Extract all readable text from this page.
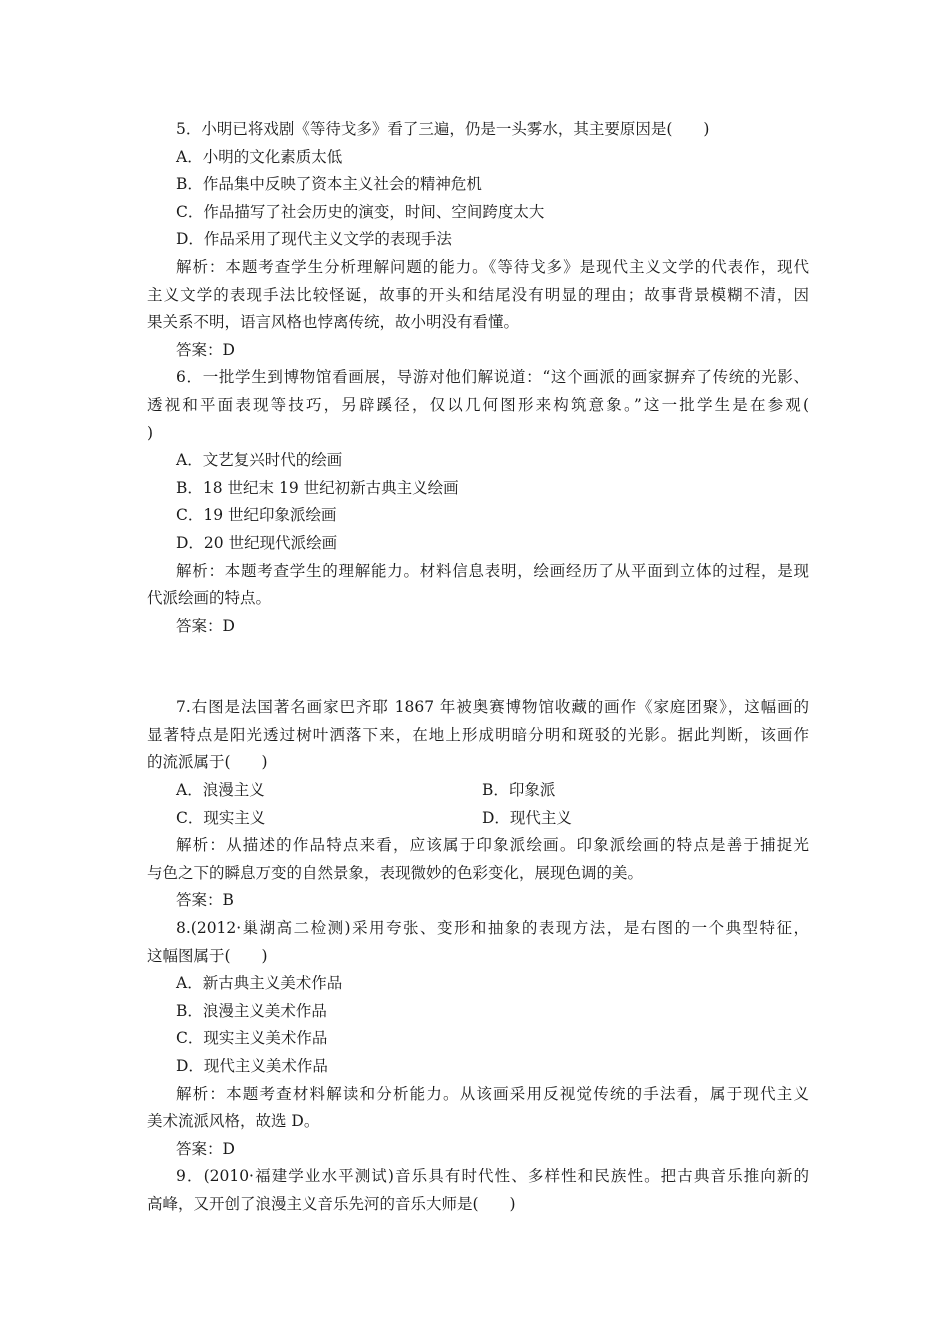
5．小明已将戏剧《等待戈多》看了三遍，仍是一头雾水，其主要原因是(　　)
A．小明的文化素质太低
B．作品集中反映了资本主义社会的精神危机
C．作品描写了社会历史的演变，时间、空间跨度太大
D．作品采用了现代主义文学的表现手法
解析：本题考查学生分析理解问题的能力。《等待戈多》是现代主义文学的代表作，现代
主义文学的表现手法比较怪诞，故事的开头和结尾没有明显的理由；故事背景模糊不清，因
果关系不明，语言风格也悖离传统，故小明没有看懂。
答案：D
6．一批学生到博物馆看画展，导游对他们解说道：“这个画派的画家摒弃了传统的光影、
透视和平面表现等技巧，另辟蹊径，仅以几何图形来构筑意象。”这一批学生是在参观(
)
A．文艺复兴时代的绘画
B．18 世纪末 19 世纪初新古典主义绘画
C．19 世纪印象派绘画
D．20 世纪现代派绘画
解析：本题考查学生的理解能力。材料信息表明，绘画经历了从平面到立体的过程，是现
代派绘画的特点。
答案：D
7.右图是法国著名画家巴齐耶 1867 年被奥赛博物馆收藏的画作《家庭团聚》，这幅画的
显著特点是阳光透过树叶洒落下来，在地上形成明暗分明和斑驳的光影。据此判断，该画作
的流派属于(　　)
A．浪漫主义	B．印象派
C．现实主义	D．现代主义
解析：从描述的作品特点来看，应该属于印象派绘画。印象派绘画的特点是善于捕捉光
与色之下的瞬息万变的自然景象，表现微妙的色彩变化，展现色调的美。
答案：B
8.(2012·巢湖高二检测)采用夸张、变形和抽象的表现方法，是右图的一个典型特征，
这幅图属于(　　)
A．新古典主义美术作品
B．浪漫主义美术作品
C．现实主义美术作品
D．现代主义美术作品
解析：本题考查材料解读和分析能力。从该画采用反视觉传统的手法看，属于现代主义
美术流派风格，故选 D。
答案：D
9．(2010·福建学业水平测试)音乐具有时代性、多样性和民族性。把古典音乐推向新的
高峰，又开创了浪漫主义音乐先河的音乐大师是(　　)
